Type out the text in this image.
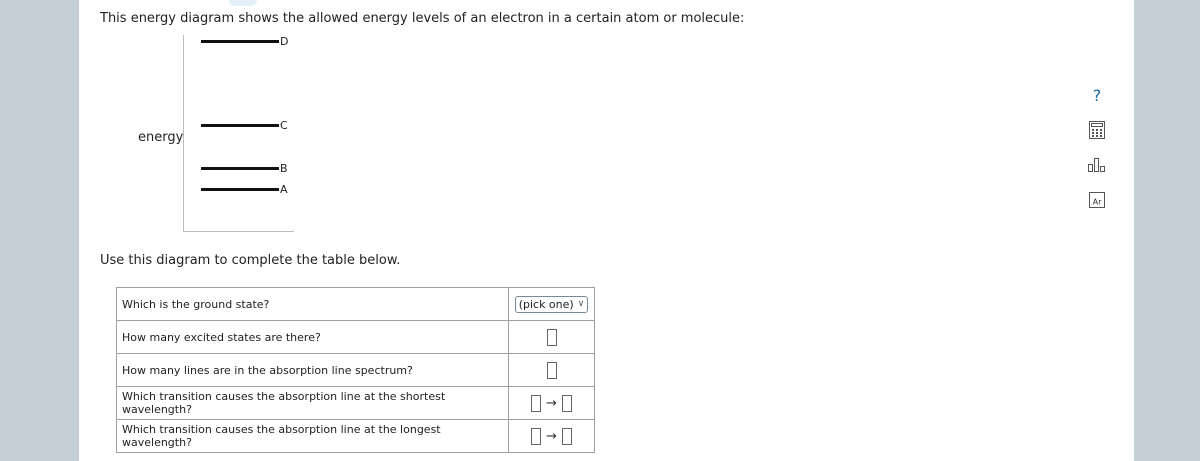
This energy diagram shows the allowed energy levels of an electron in a certain atom or molecule:
D
C
B
A
energy
Use this diagram to complete the table below.
Which is the ground state?	(pick one) ∨

How many excited states are there?	
How many lines are in the absorption line spectrum?	
Which transition causes the absorption line at the shortest wavelength?	→
Which transition causes the absorption line at the longest wavelength?	→
?
Ar
